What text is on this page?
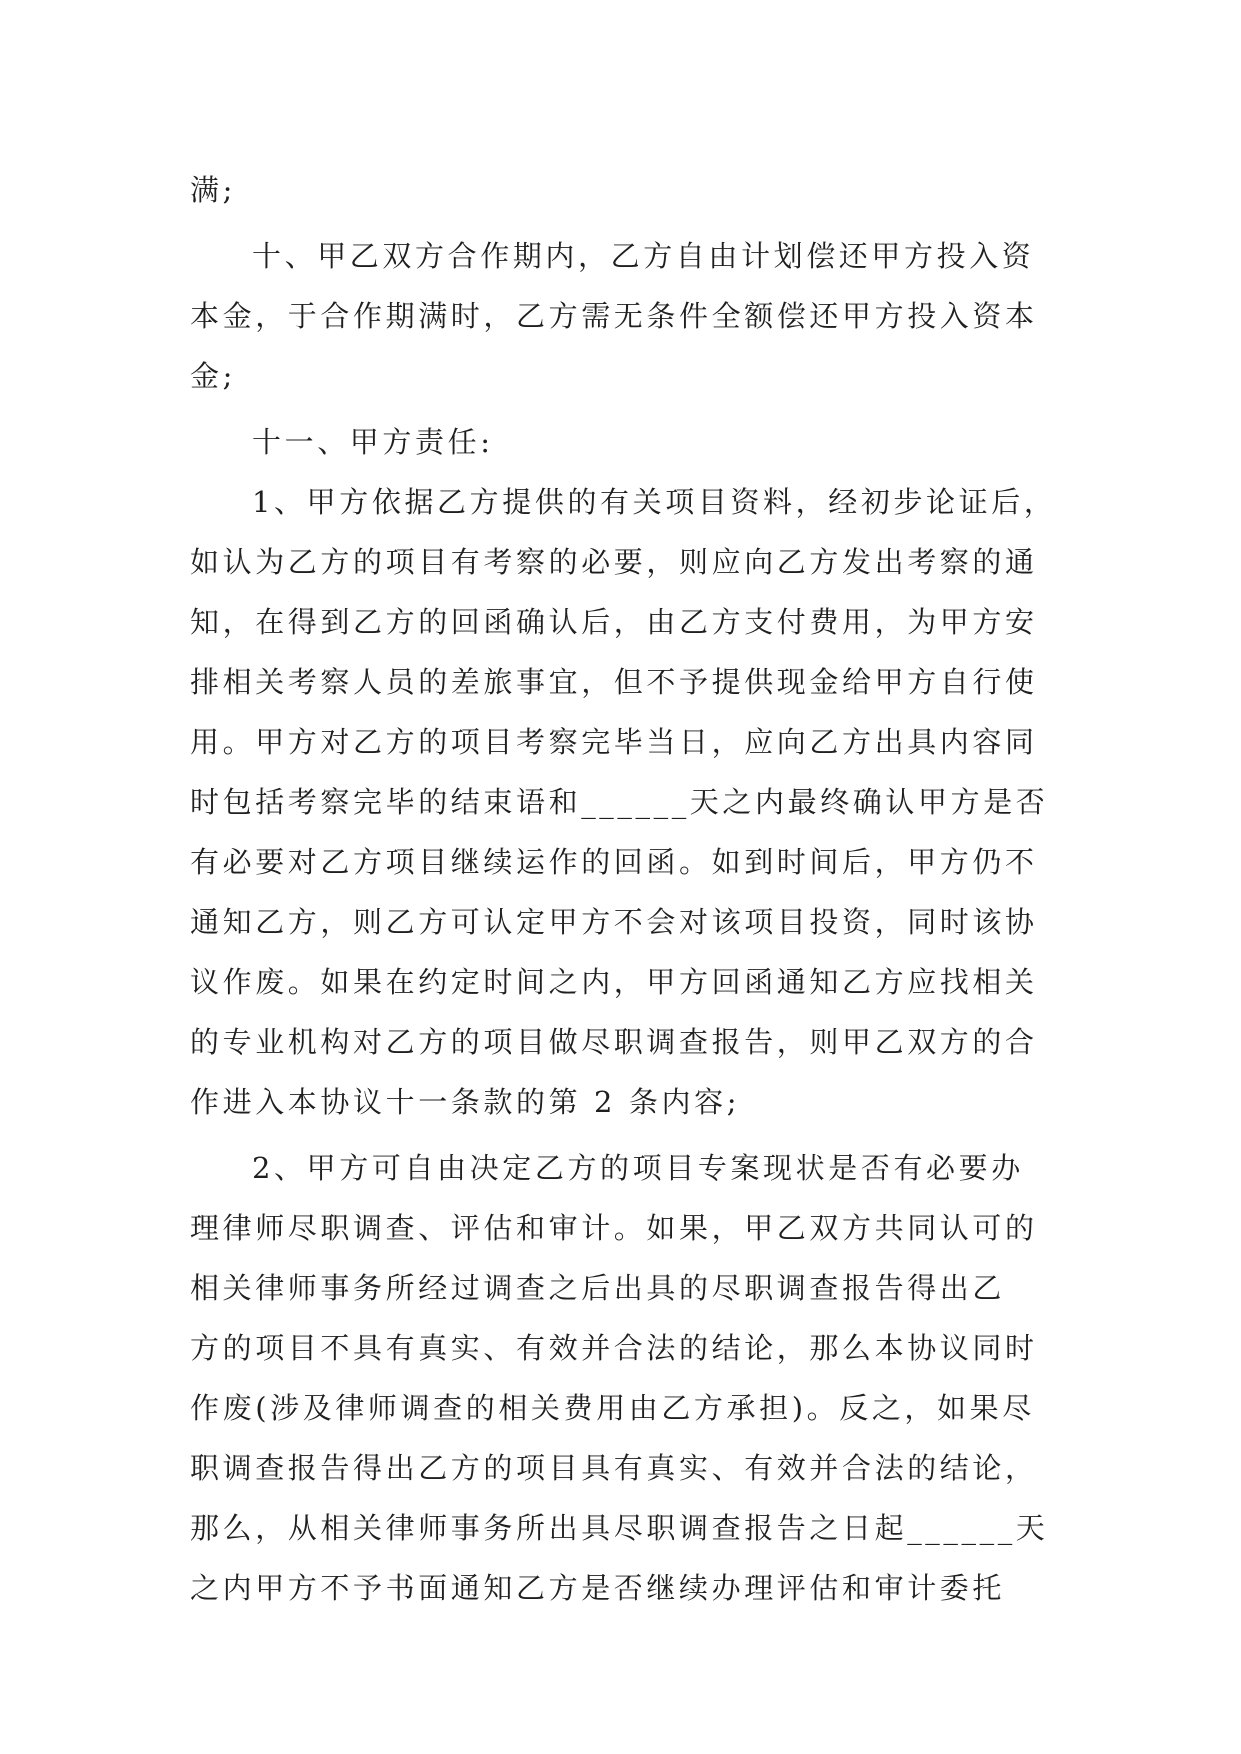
满;
十、甲乙双方合作期内，乙方自由计划偿还甲方投入资
本金，于合作期满时，乙方需无条件全额偿还甲方投入资本
金;
十一、甲方责任:
1、甲方依据乙方提供的有关项目资料，经初步论证后，
如认为乙方的项目有考察的必要，则应向乙方发出考察的通
知，在得到乙方的回函确认后，由乙方支付费用，为甲方安
排相关考察人员的差旅事宜，但不予提供现金给甲方自行使
用。甲方对乙方的项目考察完毕当日，应向乙方出具内容同
时包括考察完毕的结束语和______天之内最终确认甲方是否
有必要对乙方项目继续运作的回函。如到时间后，甲方仍不
通知乙方，则乙方可认定甲方不会对该项目投资，同时该协
议作废。如果在约定时间之内，甲方回函通知乙方应找相关
的专业机构对乙方的项目做尽职调查报告，则甲乙双方的合
作进入本协议十一条款的第 2 条内容;
2、甲方可自由决定乙方的项目专案现状是否有必要办
理律师尽职调查、评估和审计。如果，甲乙双方共同认可的
相关律师事务所经过调查之后出具的尽职调查报告得出乙
方的项目不具有真实、有效并合法的结论，那么本协议同时
作废(涉及律师调查的相关费用由乙方承担)。反之，如果尽
职调查报告得出乙方的项目具有真实、有效并合法的结论，
那么，从相关律师事务所出具尽职调查报告之日起______天
之内甲方不予书面通知乙方是否继续办理评估和审计委托
